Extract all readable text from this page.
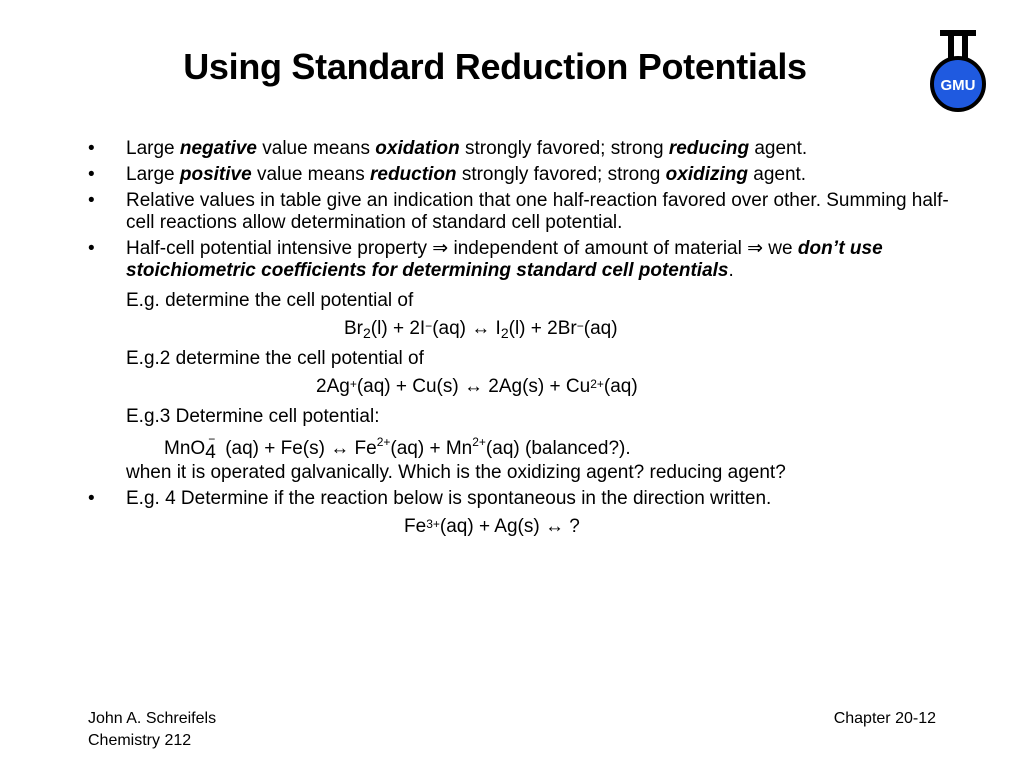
Using Standard Reduction Potentials	GMU
• Large negative value means oxidation strongly favored; strong reducing agent.
• Large positive value means reduction strongly favored; strong oxidizing agent.
• Relative values in table give an indication that one half-reaction favored over other. Summing half-cell reactions allow determination of standard cell potential.
• Half-cell potential intensive property ⇒ independent of amount of material ⇒ we don’t use stoichiometric coefficients for determining standard cell potentials.
E.g. determine the cell potential of
$Br_2(l) + 2I^-(aq)$ ↔ $I_2(l) + 2Br^-(aq)$
E.g.2 determine the cell potential of
2Ag+(aq) + Cu(s) ↔ $2Ag(s) + Cu^{2+}(aq)$
E.g.3 Determine cell potential:
MnO −
4 (aq) + Fe(s) ↔ $Fe^{2+}(aq) + Mn^{2+}(aq)$ (balanced?).
when it is operated galvanically. Which is the oxidizing agent? reducing agent?
• E.g. 4 Determine if the reaction below is spontaneous in the direction written.
$Fe^{3+}(aq) + Ag(s)$ ↔ ?
John A. Schreifels
Chemistry 212
Chapter 20-12
